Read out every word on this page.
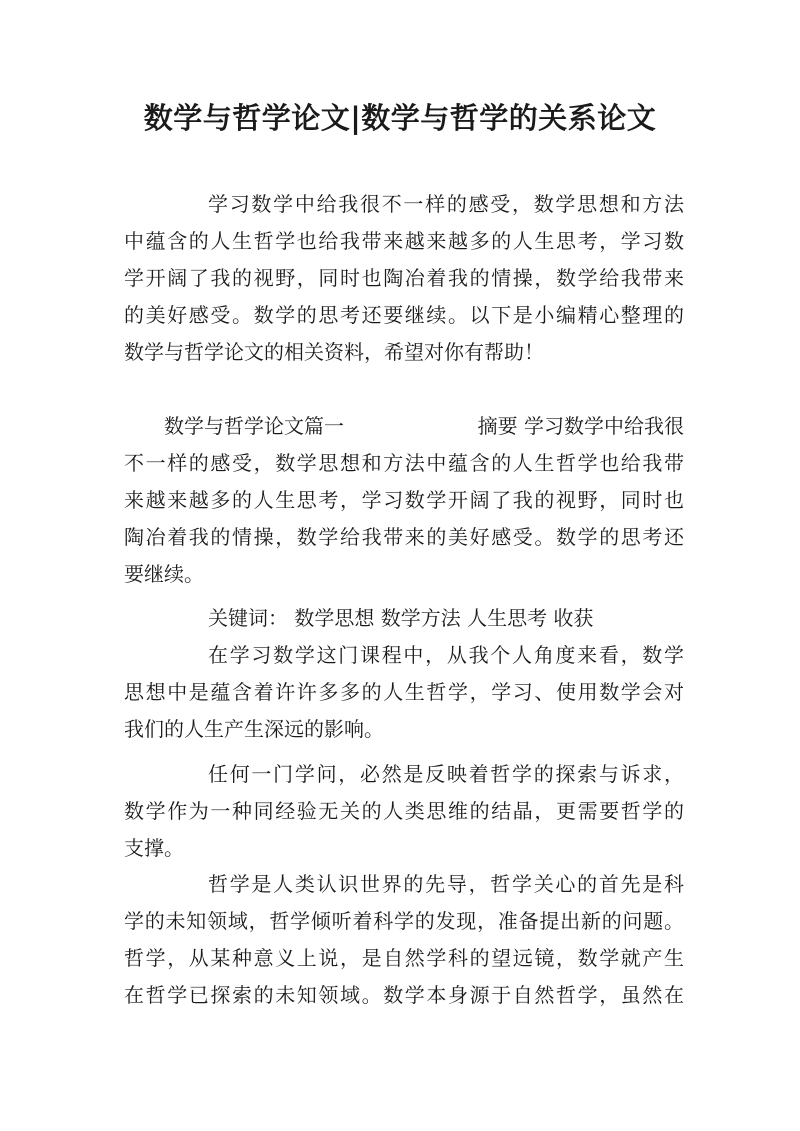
数学与哲学论文|数学与哲学的关系论文

学习数学中给我很不一样的感受，数学思想和方法

中蕴含的人生哲学也给我带来越来越多的人生思考，学习数

学开阔了我的视野，同时也陶冶着我的情操，数学给我带来

的美好感受。数学的思考还要继续。以下是小编精心整理的

数学与哲学论文的相关资料，希望对你有帮助！

数学与哲学论文篇一	摘要 学习数学中给我很

不一样的感受，数学思想和方法中蕴含的人生哲学也给我带

来越来越多的人生思考，学习数学开阔了我的视野，同时也

陶冶着我的情操，数学给我带来的美好感受。数学的思考还

要继续。

关键词： 数学思想 数学方法 人生思考 收获

在学习数学这门课程中，从我个人角度来看，数学

思想中是蕴含着许许多多的人生哲学，学习、使用数学会对

我们的人生产生深远的影响。

任何一门学问，必然是反映着哲学的探索与诉求，

数学作为一种同经验无关的人类思维的结晶，更需要哲学的

支撑。

哲学是人类认识世界的先导，哲学关心的首先是科

学的未知领域，哲学倾听着科学的发现，准备提出新的问题。

哲学，从某种意义上说，是自然学科的望远镜，数学就产生

在哲学已探索的未知领域。数学本身源于自然哲学，虽然在
